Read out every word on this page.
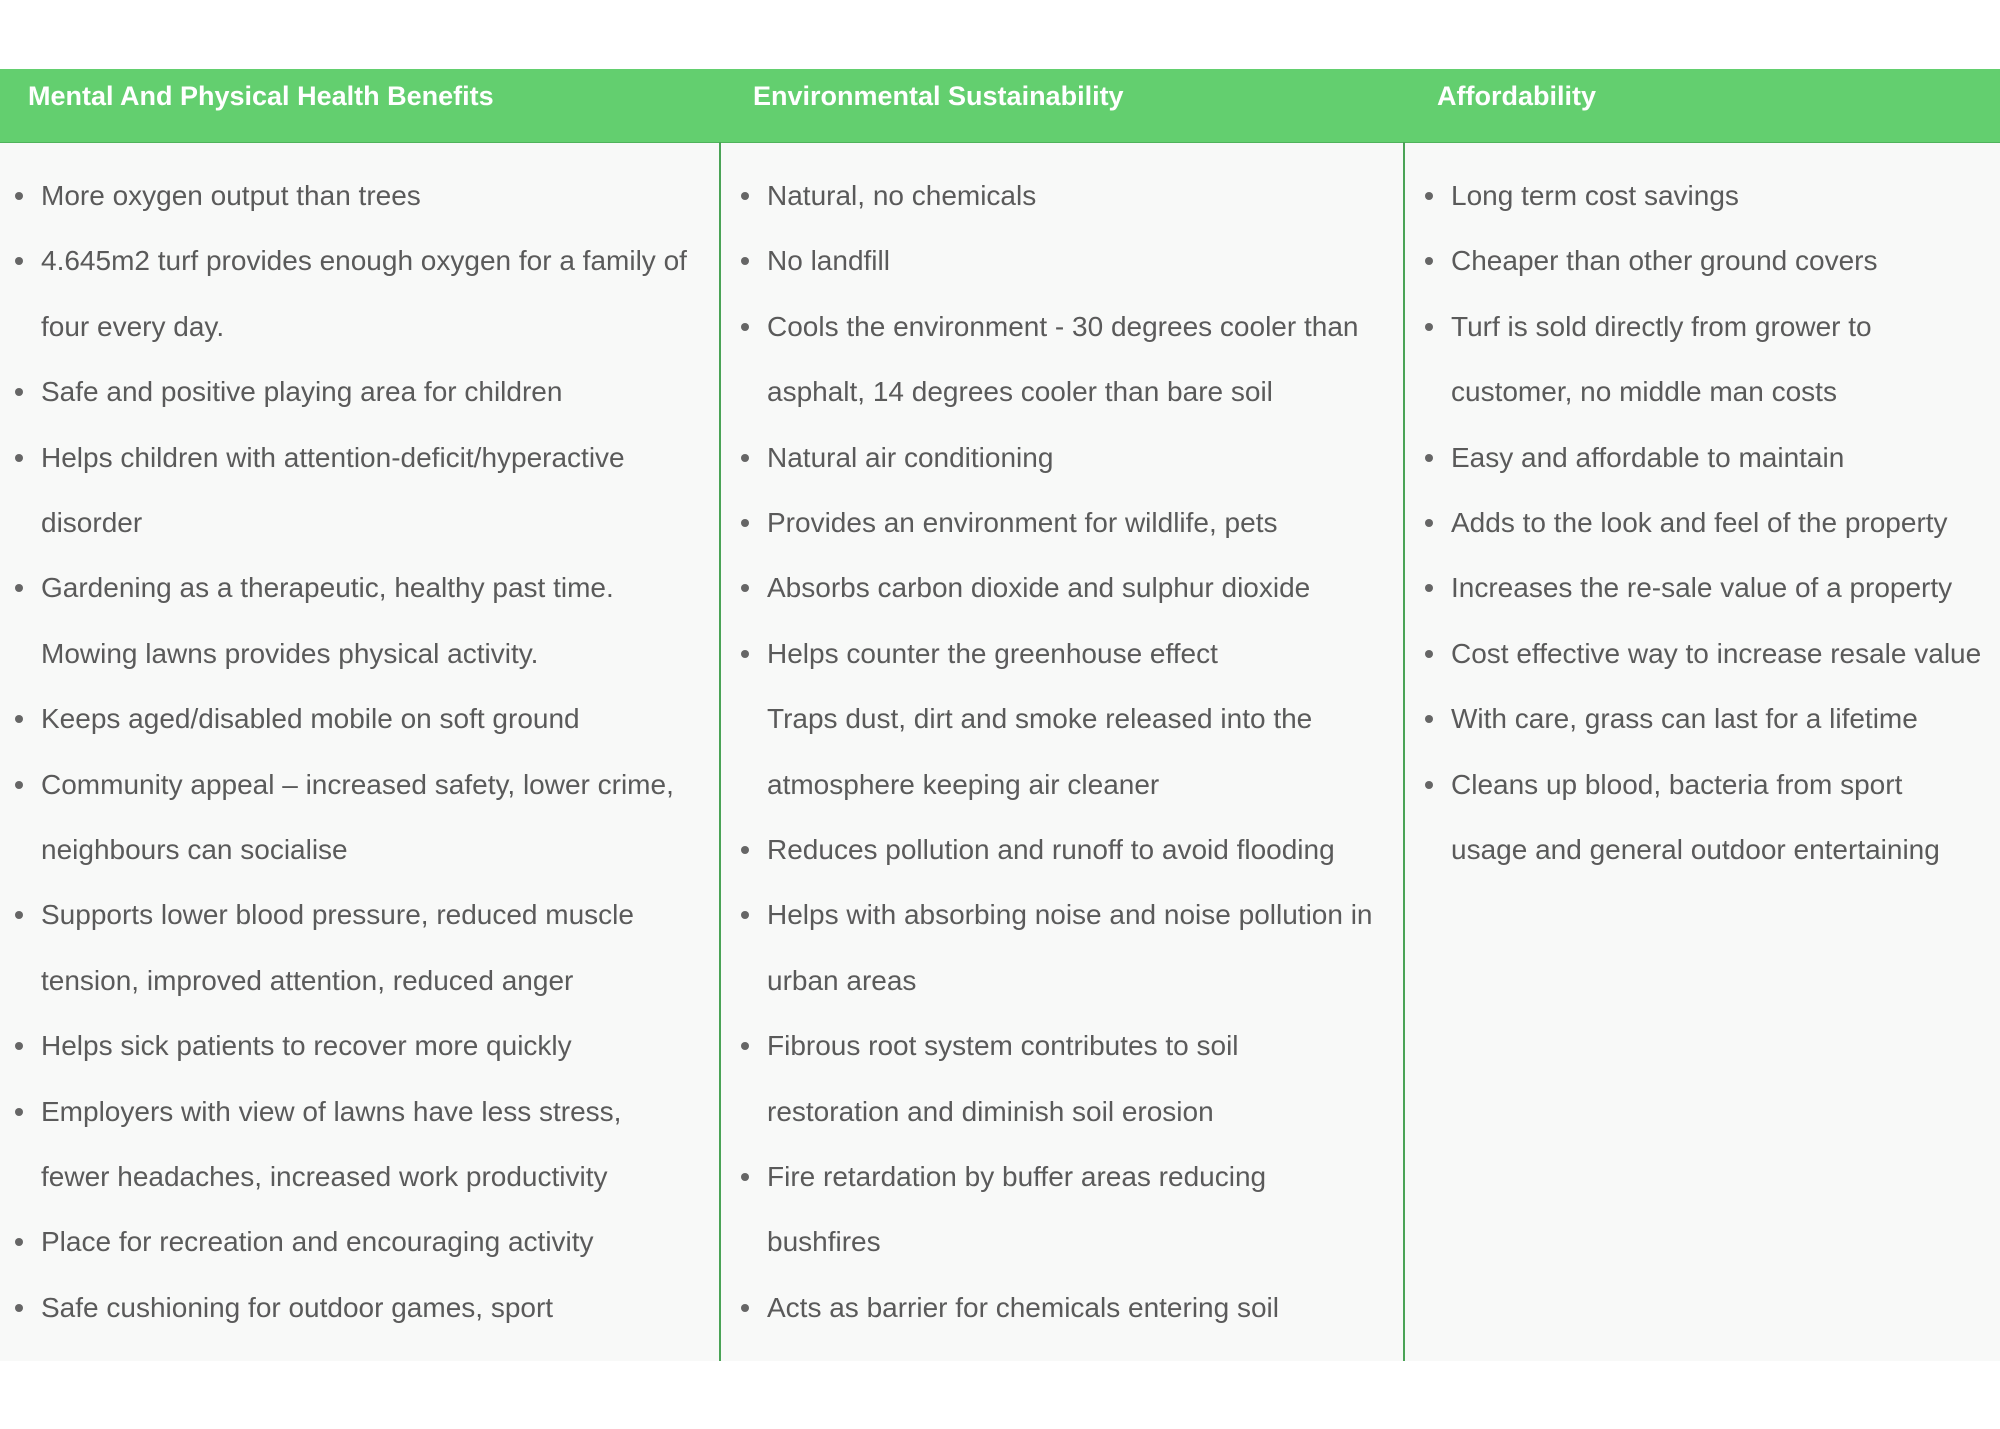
Mental And Physical Health Benefits	Environmental Sustainability	Affordability
More oxygen output than trees
4.645m2 turf provides enough oxygen for a family of
four every day.
Safe and positive playing area for children
Helps children with attention-deficit/hyperactive
disorder
Gardening as a therapeutic, healthy past time.
Mowing lawns provides physical activity.
Keeps aged/disabled mobile on soft ground
Community appeal – increased safety, lower crime,
neighbours can socialise
Supports lower blood pressure, reduced muscle
tension, improved attention, reduced anger
Helps sick patients to recover more quickly
Employers with view of lawns have less stress,
fewer headaches, increased work productivity
Place for recreation and encouraging activity
Safe cushioning for outdoor games, sport
Natural, no chemicals
No landfill
Cools the environment - 30 degrees cooler than
asphalt, 14 degrees cooler than bare soil
Natural air conditioning
Provides an environment for wildlife, pets
Absorbs carbon dioxide and sulphur dioxide
Helps counter the greenhouse effect
Traps dust, dirt and smoke released into the
atmosphere keeping air cleaner
Reduces pollution and runoff to avoid flooding
Helps with absorbing noise and noise pollution in
urban areas
Fibrous root system contributes to soil
restoration and diminish soil erosion
Fire retardation by buffer areas reducing
bushfires
Acts as barrier for chemicals entering soil
Long term cost savings
Cheaper than other ground covers
Turf is sold directly from grower to
customer, no middle man costs
Easy and affordable to maintain
Adds to the look and feel of the property
Increases the re-sale value of a property
Cost effective way to increase resale value
With care, grass can last for a lifetime
Cleans up blood, bacteria from sport
usage and general outdoor entertaining
